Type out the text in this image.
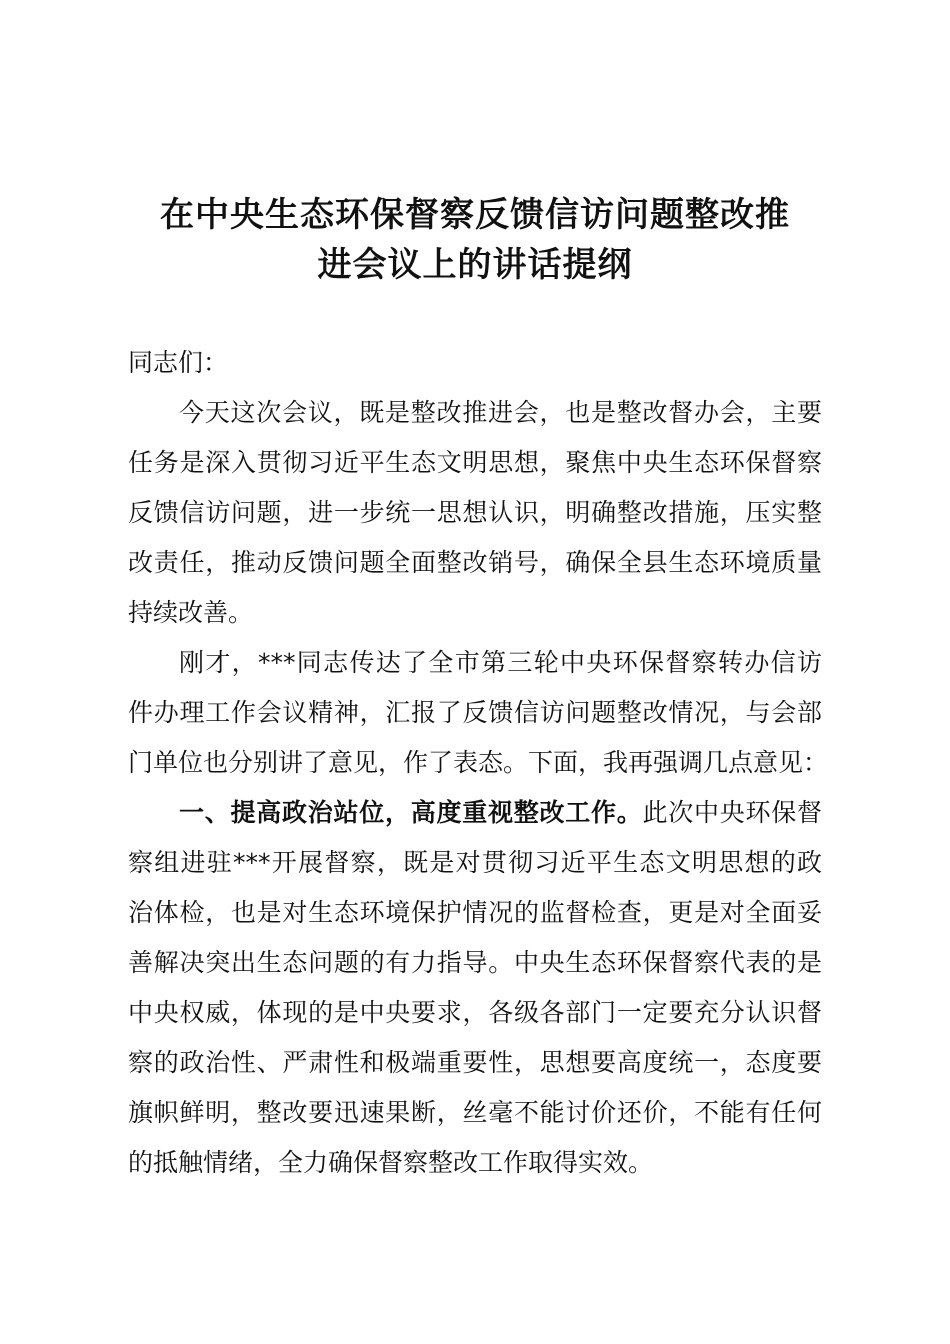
在中央生态环保督察反馈信访问题整改推
进会议上的讲话提纲
同志们：
今天这次会议，既是整改推进会，也是整改督办会，主要
任务是深入贯彻习近平生态文明思想，聚焦中央生态环保督察
反馈信访问题，进一步统一思想认识，明确整改措施，压实整
改责任，推动反馈问题全面整改销号，确保全县生态环境质量
持续改善。
刚才，***同志传达了全市第三轮中央环保督察转办信访
件办理工作会议精神，汇报了反馈信访问题整改情况，与会部
门单位也分别讲了意见，作了表态。下面，我再强调几点意见：
一、提高政治站位，高度重视整改工作。此次中央环保督
察组进驻***开展督察，既是对贯彻习近平生态文明思想的政
治体检，也是对生态环境保护情况的监督检查，更是对全面妥
善解决突出生态问题的有力指导。中央生态环保督察代表的是
中央权威，体现的是中央要求，各级各部门一定要充分认识督
察的政治性、严肃性和极端重要性，思想要高度统一，态度要
旗帜鲜明，整改要迅速果断，丝毫不能讨价还价，不能有任何
的抵触情绪，全力确保督察整改工作取得实效。
